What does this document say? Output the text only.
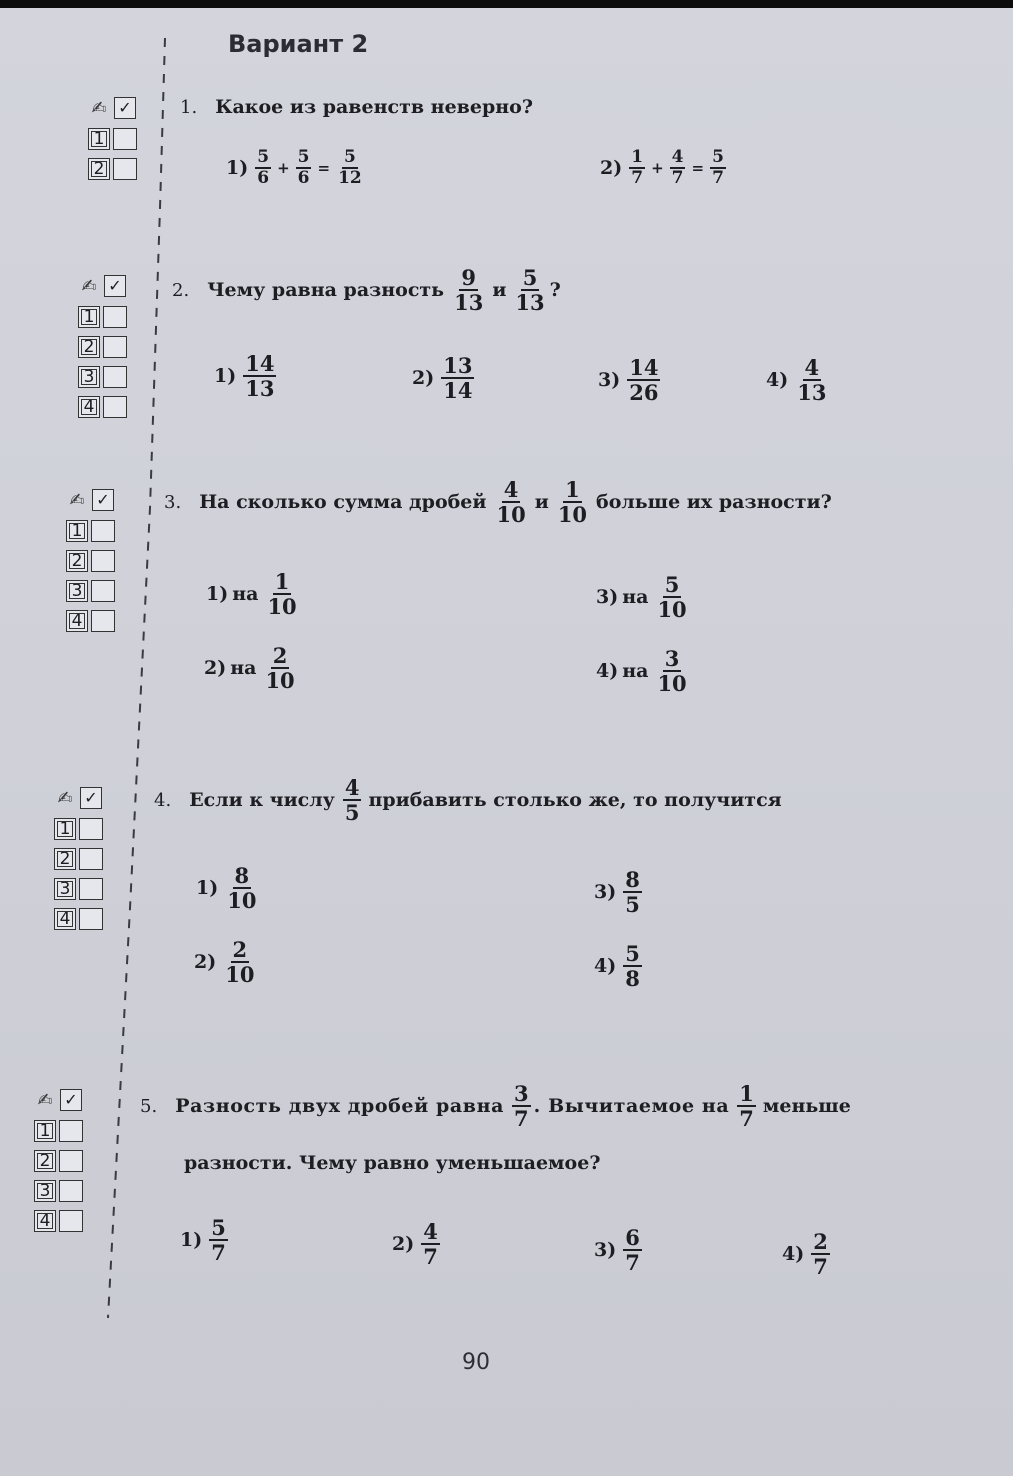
Вариант 2
✍ ✓
1
2
1. Какое из равенств неверно?
$1) \frac{5}{6} + \frac{5}{6} = \frac{5}{12}$	$2) \frac{1}{7} + \frac{4}{7} = \frac{5}{7}$
✍ ✓
1
2
3
4
2. Чему равна разность $\frac{9}{13}$ и $\frac{5}{13}$ ?
$1) \frac{14}{13}$	$2) \frac{13}{14}$	$3) \frac{14}{26}$	$4) \frac{4}{13}$
✍ ✓
1
2
3
4
3. На сколько сумма дробей $\frac{4}{10}$ и $\frac{1}{10}$ больше их разности?
1) на $\frac{1}{10}$	3) на $\frac{5}{10}$
2) на $\frac{2}{10}$	4) на $\frac{3}{10}$
✍ ✓
1
2
3
4
4. Если к числу $\frac{4}{5}$ прибавить столько же, то получится
$1) \frac{8}{10}$	$3) \frac{8}{5}$
$2) \frac{2}{10}$	$4) \frac{5}{8}$
✍ ✓
1
2
3
4
5. Разность двух дробей равна $\frac{3}{7}$ . Вычитаемое на $\frac{1}{7}$ меньше
разности. Чему равно уменьшаемое?
$1) \frac{5}{7}$	$2) \frac{4}{7}$	$3) \frac{6}{7}$	$4) \frac{2}{7}$
90
